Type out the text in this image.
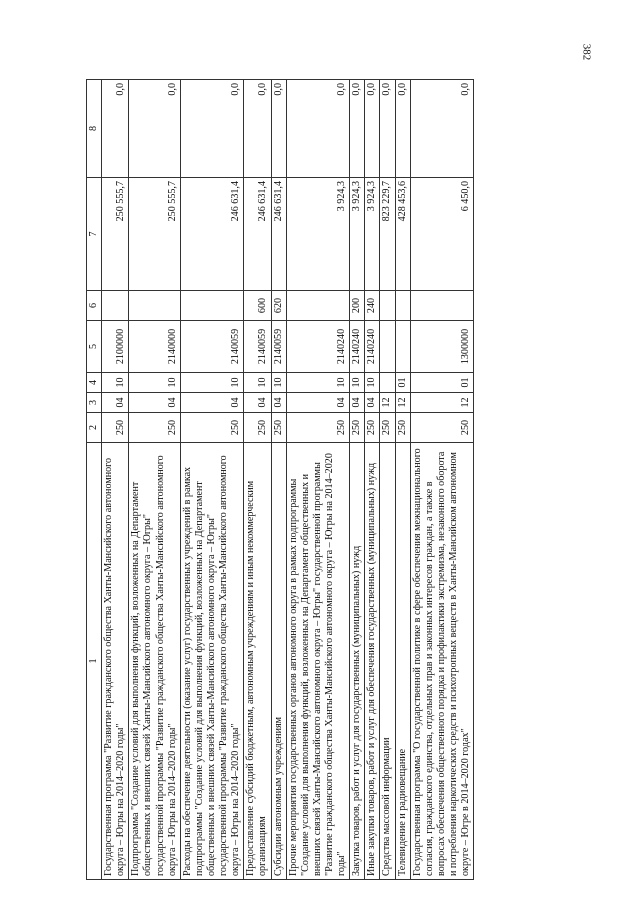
382
1	2	3	4	5	6	7	8
Государственная программа "Развитие гражданского общества Ханты-Мансийского автономного округа – Югры на 2014–2020 годы"	250	04	10	2100000		250 555,7	0,0
Подпрограмма "Создание условий для выполнения функций, возложенных на Департамент общественных и внешних связей Ханты-Мансийского автономного округа – Югры" государственной программы "Развитие гражданского общества Ханты-Мансийского автономного округа – Югры на 2014–2020 годы"	250	04	10	2140000		250 555,7	0,0
Расходы на обеспечение деятельности (оказание услуг) государственных учреждений в рамках подпрограммы "Создание условий для выполнения функций, возложенных на Департамент общественных и внешних связей Ханты-Мансийского автономного округа – Югры" государственной программы "Развитие гражданского общества Ханты-Мансийского автономного округа – Югры на 2014–2020 годы"	250	04	10	2140059		246 631,4	0,0
Предоставление субсидий бюджетным, автономным учреждениям и иным некоммерческим организациям	250	04	10	2140059	600	246 631,4	0,0
Субсидии автономным учреждениям	250	04	10	2140059	620	246 631,4	0,0
Прочие мероприятия государственных органов автономного округа в рамках подпрограммы "Создание условий для выполнения функций, возложенных на Департамент общественных и внешних связей Ханты-Мансийского автономного округа – Югры" государственной программы "Развитие гражданского общества Ханты-Мансийского автономного округа – Югры на 2014–2020 годы"	250	04	10	2140240		3 924,3	0,0
Закупка товаров, работ и услуг для государственных (муниципальных) нужд	250	04	10	2140240	200	3 924,3	0,0
Иные закупки товаров, работ и услуг для обеспечения государственных (муниципальных) нужд	250	04	10	2140240	240	3 924,3	0,0
Средства массовой информации	250	12				823 229,7	0,0
Телевидение и радиовещание	250	12	01			428 453,6	0,0
Государственная программа "О государственной политике в сфере обеспечения межнационального согласия, гражданского единства, отдельных прав и законных интересов граждан, а также в вопросах обеспечения общественного порядка и профилактики экстремизма, незаконного оборота и потребления наркотических средств и психотропных веществ в Ханты-Мансийском автономном округе – Югре в 2014–2020 годах"	250	12	01	1300000		6 450,0	0,0
